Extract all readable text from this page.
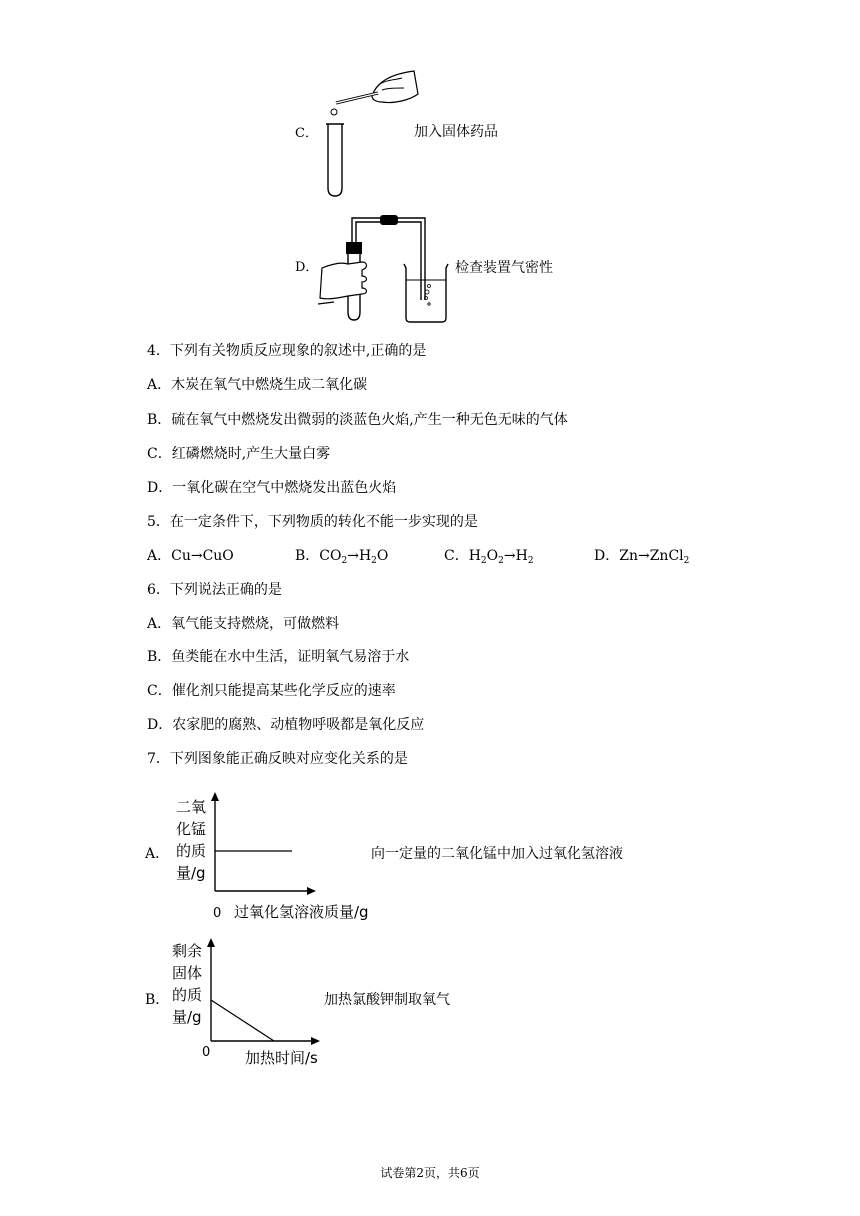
C．	加入固体药品
D．	检查装置气密性
4．下列有关物质反应现象的叙述中,正确的是
A．木炭在氧气中燃烧生成二氧化碳
B．硫在氧气中燃烧发出微弱的淡蓝色火焰,产生一种无色无味的气体
C．红磷燃烧时,产生大量白雾
D．一氧化碳在空气中燃烧发出蓝色火焰
5．在一定条件下，下列物质的转化不能一步实现的是
A．Cu→CuO	B．$CO_2\to H_2O$	C．$H_2O_2\to H_2$	D．Zn→ZnCl$_2$
6．下列说法正确的是
A．氧气能支持燃烧，可做燃料
B．鱼类能在水中生活，证明氧气易溶于水
C．催化剂只能提高某些化学反应的速率
D．农家肥的腐熟、动植物呼吸都是氧化反应
7．下列图象能正确反映对应变化关系的是
A．
二氧
化锰
的质
量/g
0 过氧化氢溶液质量/g
向一定量的二氧化锰中加入过氧化氢溶液
B．
剩余
固体
的质
量/g
0 加热时间/s
加热氯酸钾制取氧气
试卷第2页，共6页
